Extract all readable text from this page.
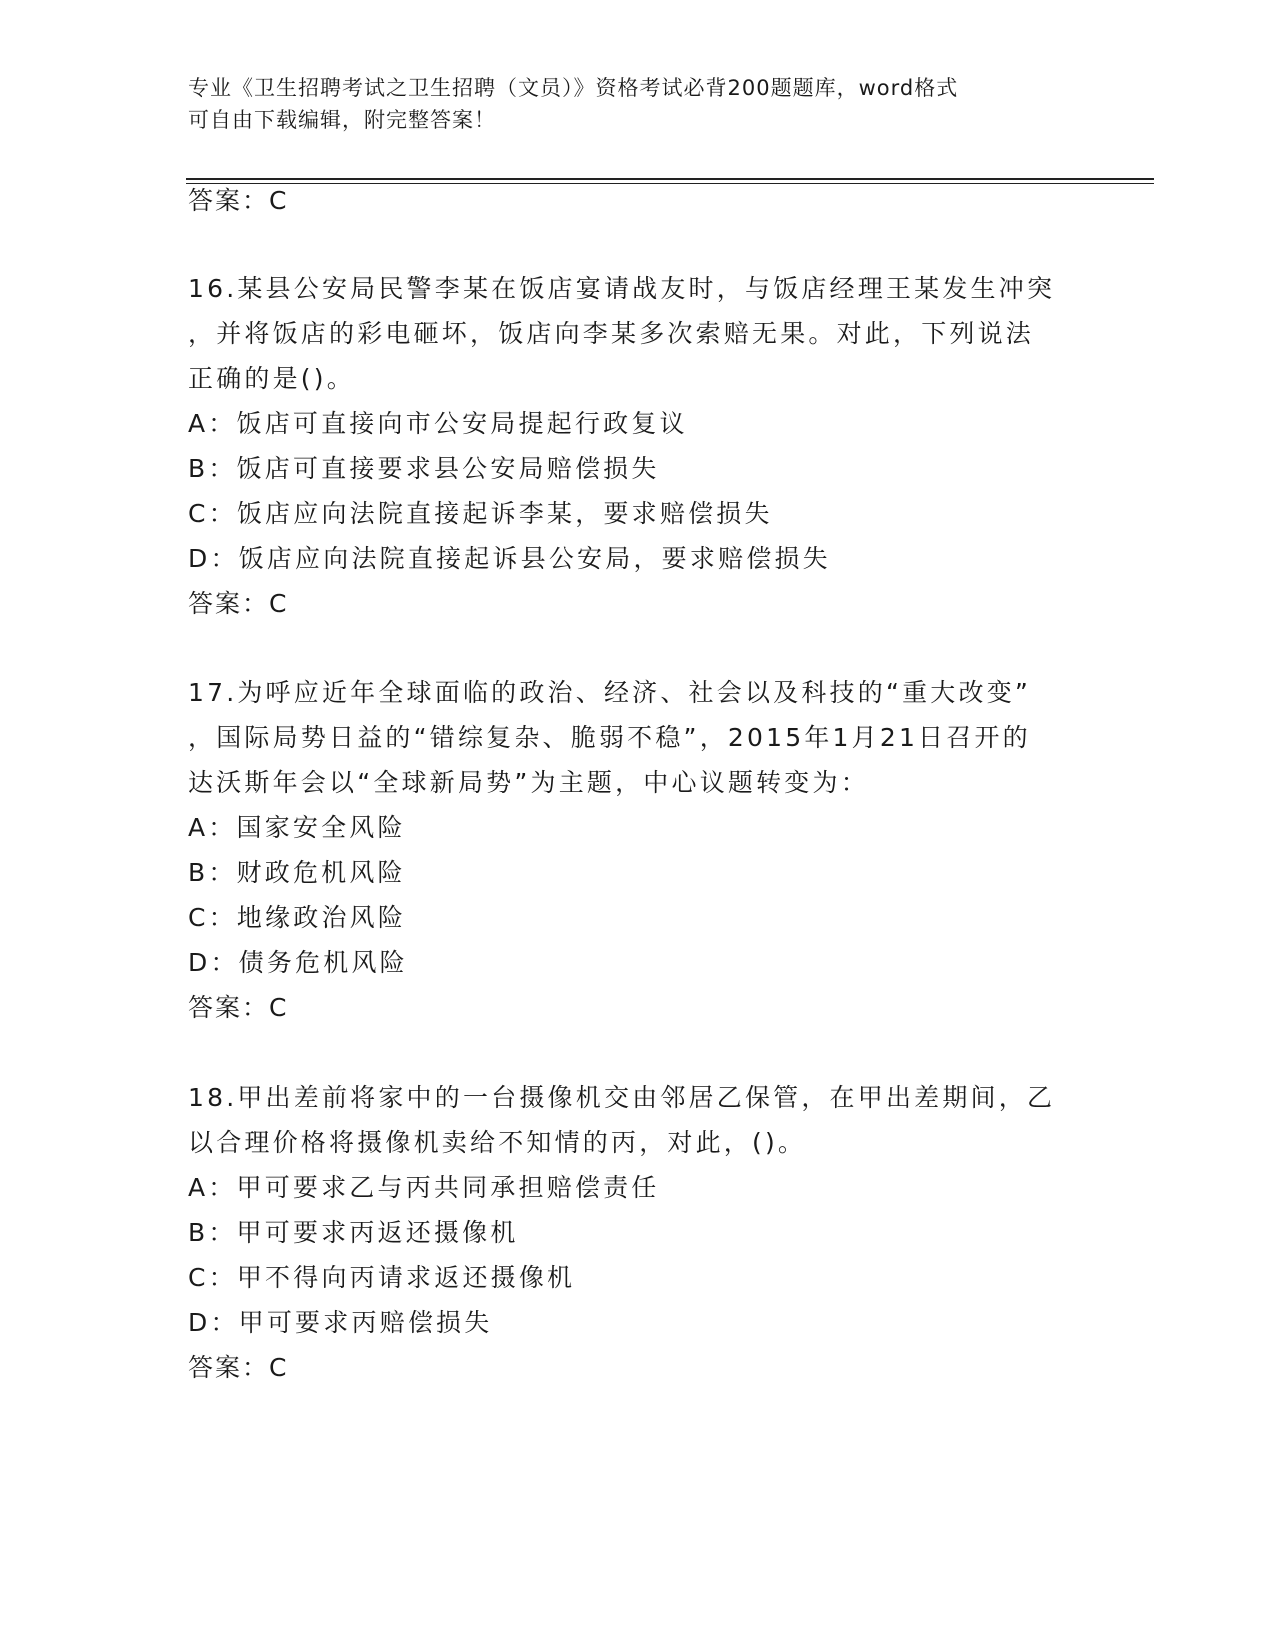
专业《卫生招聘考试之卫生招聘（文员）》资格考试必背200题题库，word格式
可自由下载编辑，附完整答案！
答案：C
16.某县公安局民警李某在饭店宴请战友时，与饭店经理王某发生冲突
，并将饭店的彩电砸坏，饭店向李某多次索赔无果。对此，下列说法
正确的是()。
A：饭店可直接向市公安局提起行政复议
B：饭店可直接要求县公安局赔偿损失
C：饭店应向法院直接起诉李某，要求赔偿损失
D：饭店应向法院直接起诉县公安局，要求赔偿损失
答案：C
17.为呼应近年全球面临的政治、经济、社会以及科技的“重大改变”
，国际局势日益的“错综复杂、脆弱不稳”，2015年1月21日召开的
达沃斯年会以“全球新局势”为主题，中心议题转变为：
A：国家安全风险
B：财政危机风险
C：地缘政治风险
D：债务危机风险
答案：C
18.甲出差前将家中的一台摄像机交由邻居乙保管，在甲出差期间，乙
以合理价格将摄像机卖给不知情的丙，对此，()。
A：甲可要求乙与丙共同承担赔偿责任
B：甲可要求丙返还摄像机
C：甲不得向丙请求返还摄像机
D：甲可要求丙赔偿损失
答案：C
